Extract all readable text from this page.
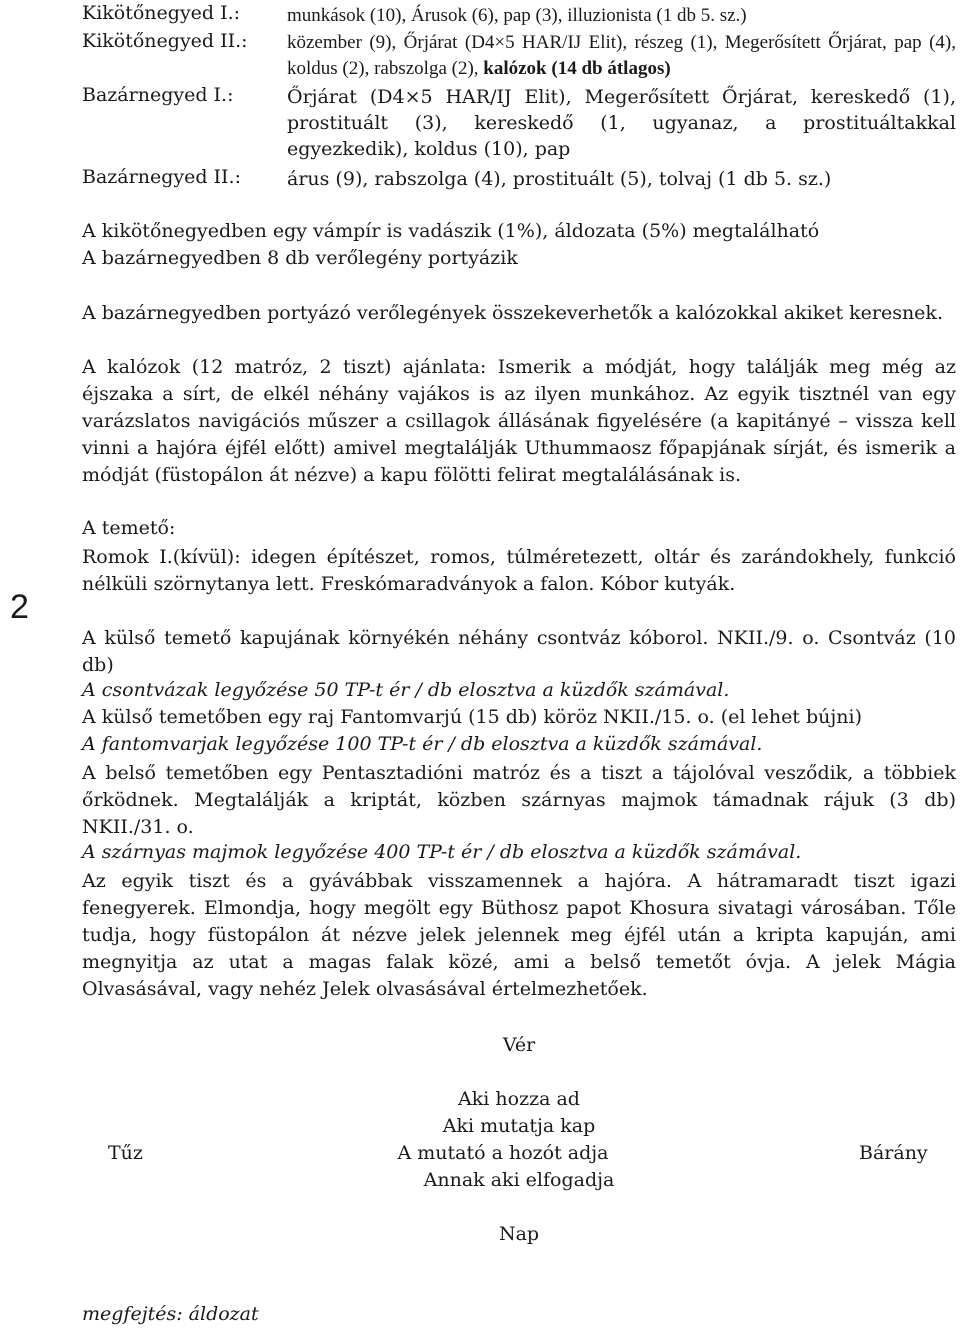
Kikötőnegyed I.: munkások (10), Árusok (6), pap (3), illuzionista (1 db 5. sz.)
Kikötőnegyed II.: közember (9), Őrjárat (D4×5 HAR/IJ Elit), részeg (1), Megerősített Őrjárat, pap (4), koldus (2), rabszolga (2), kalózok (14 db átlagos)
Bazárnegyed I.:	Őrjárat (D4×5 HAR/IJ Elit), Megerősített Őrjárat, kereskedő (1), prostituált (3), kereskedő (1, ugyanaz, a prostituáltakkal egyezkedik), koldus (10), pap
Bazárnegyed II.: árus (9), rabszolga (4), prostituált (5), tolvaj (1 db 5. sz.)
A kikötőnegyedben egy vámpír is vadászik (1%), áldozata (5%) megtalálható
A bazárnegyedben 8 db verőlegény portyázik
A bazárnegyedben portyázó verőlegények összekeverhetők a kalózokkal akiket keresnek.
A kalózok (12 matróz, 2 tiszt) ajánlata: Ismerik a módját, hogy találják meg még az éjszaka a sírt, de elkél néhány vajákos is az ilyen munkához. Az egyik tisztnél van egy varázslatos navigációs műszer a csillagok állásának figyelésére (a kapitányé – vissza kell vinni a hajóra éjfél előtt) amivel megtalálják Uthummaosz főpapjának sírját, és ismerik a módját (füstopálon át nézve) a kapu fölötti felirat megtalálásának is.
A temető:
Romok I.(kívül): idegen építészet, romos, túlméretezett, oltár és zarándokhely, funkció nélküli szörnytanya lett. Freskómaradványok a falon. Kóbor kutyák.
2
A külső temető kapujának környékén néhány csontváz kóborol. NKII./9. o. Csontváz (10 db)
A csontvázak legyőzése 50 TP-t ér / db elosztva a küzdők számával.
A külső temetőben egy raj Fantomvarjú (15 db) köröz NKII./15. o. (el lehet bújni)
A fantomvarjak legyőzése 100 TP-t ér / db elosztva a küzdők számával.
A belső temetőben egy Pentasztadióni matróz és a tiszt a tájolóval vesződik, a többiek őrködnek. Megtalálják a kriptát, közben szárnyas majmok támadnak rájuk (3 db) NKII./31. o.
A szárnyas majmok legyőzése 400 TP-t ér / db elosztva a küzdők számával.
Az egyik tiszt és a gyávábbak visszamennek a hajóra. A hátramaradt tiszt igazi fenegyerek. Elmondja, hogy megölt egy Büthosz papot Khosura sivatagi városában. Tőle tudja, hogy füstopálon át nézve jelek jelennek meg éjfél után a kripta kapuján, ami megnyitja az utat a magas falak közé, ami a belső temetőt óvja. A jelek Mágia Olvasásával, vagy nehéz Jelek olvasásával értelmezhetőek.
Vér
Aki hozza ad
Aki mutatja kap
Tűz	A mutató a hozót adja	Bárány
Annak aki elfogadja
Nap
megfejtés: áldozat
